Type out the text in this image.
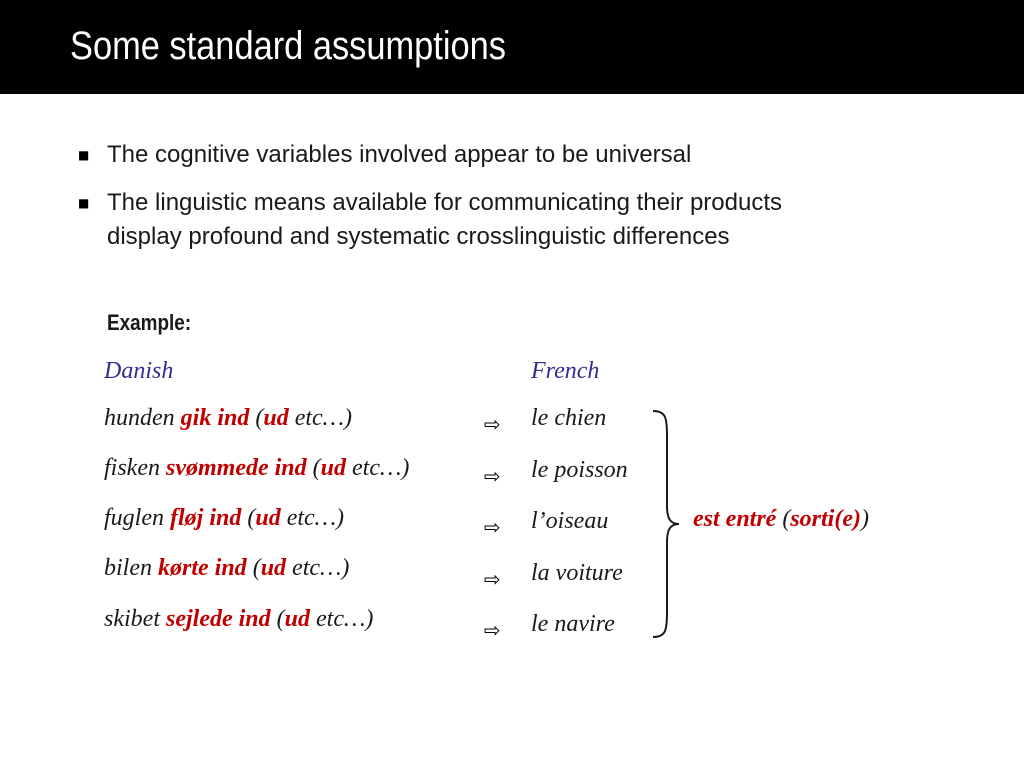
Some standard assumptions
■ The cognitive variables involved appear to be universal
■ The linguistic means available for communicating their products display profound and systematic crosslinguistic differences
Example:
Danish	French
hunden gik ind (ud etc…)	⇨ le chien
fisken svømmede ind (ud etc…)	⇨ le poisson
fuglen fløj ind (ud etc…)	⇨ l’oiseau
bilen kørte ind (ud etc…)	⇨ la voiture
skibet sejlede ind (ud etc…)	⇨ le navire
est entré (sorti(e))
